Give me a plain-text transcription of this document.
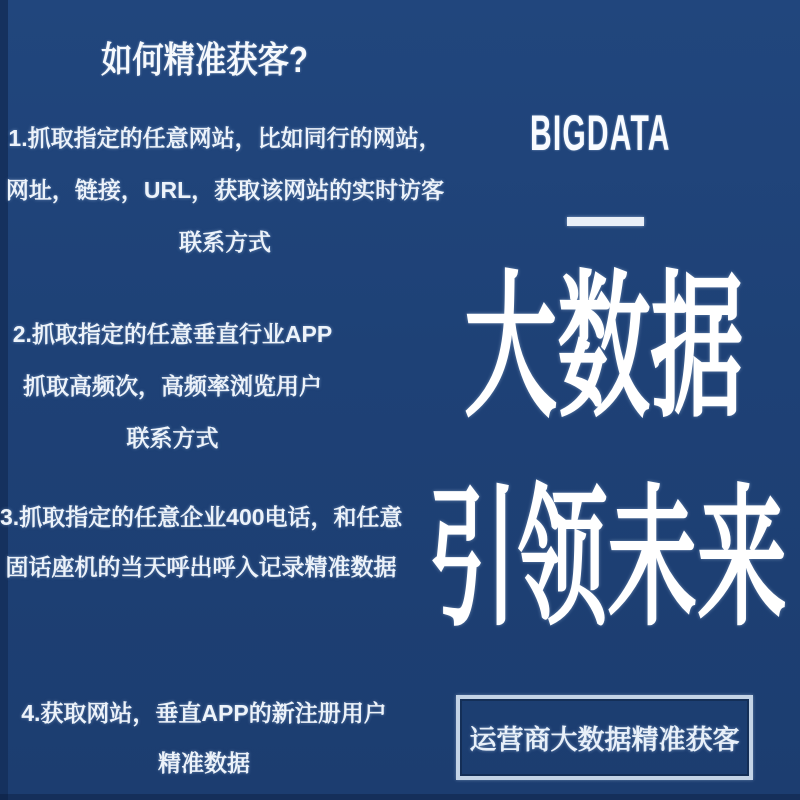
如何精准获客?
1.抓取指定的任意网站，比如同行的网站，
网址，链接，URL，获取该网站的实时访客
联系方式
2.抓取指定的任意垂直行业APP
抓取高频次，高频率浏览用户
联系方式
3.抓取指定的任意企业400电话，和任意
固话座机的当天呼出呼入记录精准数据
4.获取网站，垂直APP的新注册用户
精准数据
BIGDATA
大数据
引领未来
运营商大数据精准获客
